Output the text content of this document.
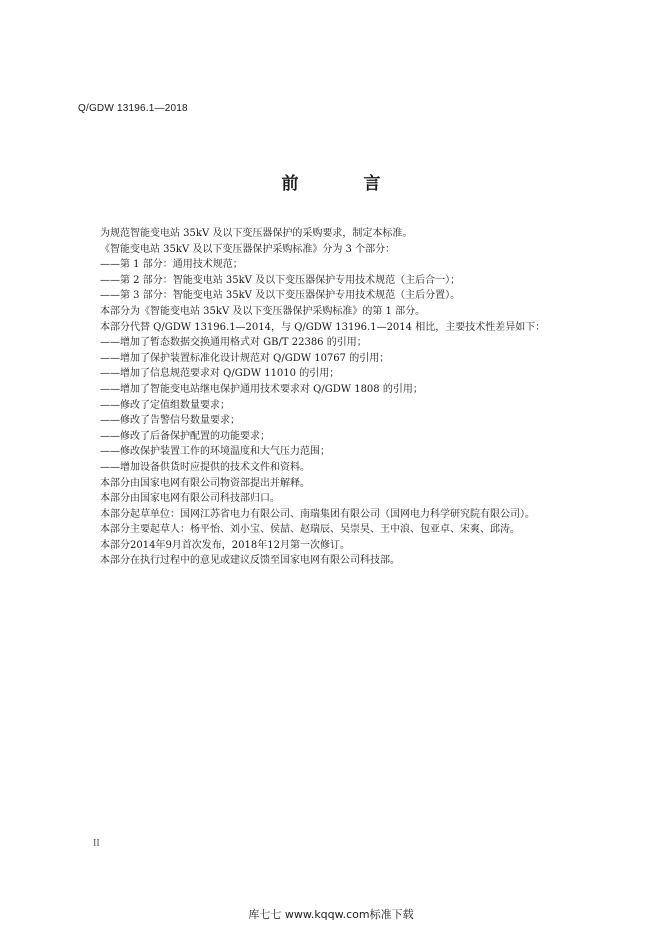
Q/GDW 13196.1—2018
前　言
为规范智能变电站 35kV 及以下变压器保护的采购要求，制定本标准。
《智能变电站 35kV 及以下变压器保护采购标准》分为 3 个部分：
——第 1 部分：通用技术规范；
——第 2 部分：智能变电站 35kV 及以下变压器保护专用技术规范（主后合一）；
——第 3 部分：智能变电站 35kV 及以下变压器保护专用技术规范（主后分置）。
本部分为《智能变电站 35kV 及以下变压器保护采购标准》的第 1 部分。
本部分代替 Q/GDW 13196.1—2014，与 Q/GDW 13196.1—2014 相比，主要技术性差异如下：
——增加了暂态数据交换通用格式对 GB/T 22386 的引用；
——增加了保护装置标准化设计规范对 Q/GDW 10767 的引用；
——增加了信息规范要求对 Q/GDW 11010 的引用；
——增加了智能变电站继电保护通用技术要求对 Q/GDW 1808 的引用；
——修改了定值组数量要求；
——修改了告警信号数量要求；
——修改了后备保护配置的功能要求；
——修改保护装置工作的环境温度和大气压力范围；
——增加设备供货时应提供的技术文件和资料。
本部分由国家电网有限公司物资部提出并解释。
本部分由国家电网有限公司科技部归口。
本部分起草单位：国网江苏省电力有限公司、南瑞集团有限公司（国网电力科学研究院有限公司）。
本部分主要起草人：杨平怡、刘小宝、侯喆、赵瑞辰、吴崇昊、王中浪、包亚卓、宋爽、邱涛。
本部分2014年9月首次发布，2018年12月第一次修订。
本部分在执行过程中的意见或建议反馈至国家电网有限公司科技部。
II
库七七 www.kqqw.com标准下载
